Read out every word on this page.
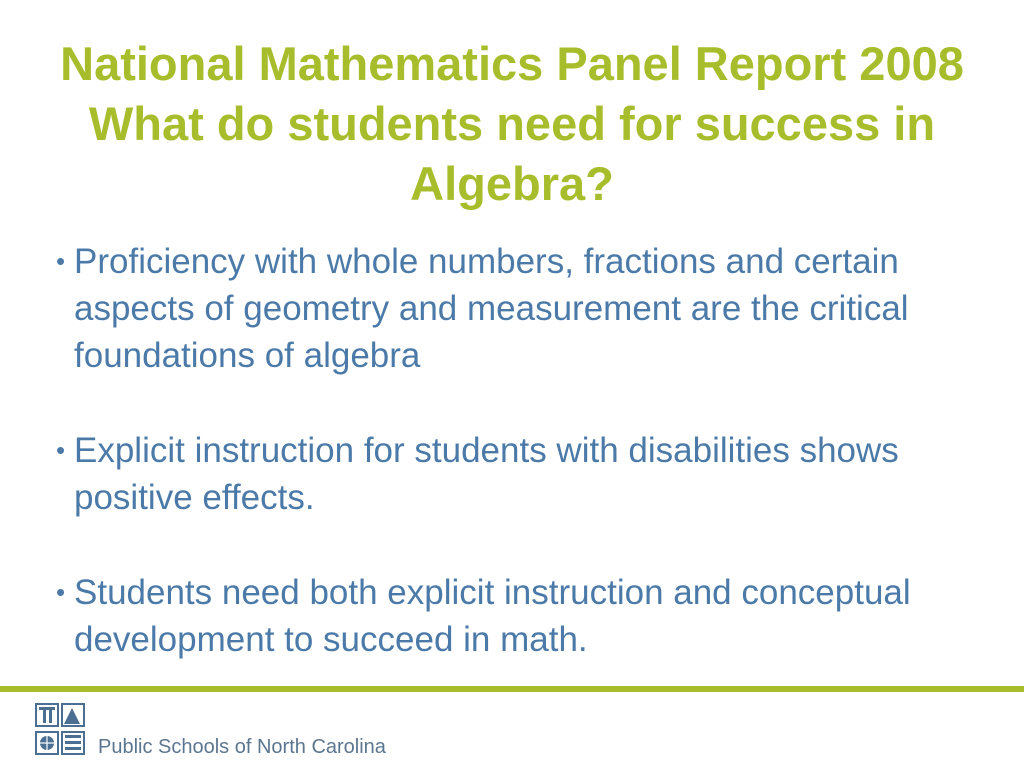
National Mathematics Panel Report 2008 What do students need for success in Algebra?
• Proficiency with whole numbers, fractions and certain aspects of geometry and measurement are the critical foundations of algebra
• Explicit instruction for students with disabilities shows positive effects.
• Students need both explicit instruction and conceptual development to succeed in math.
Public Schools of North Carolina
